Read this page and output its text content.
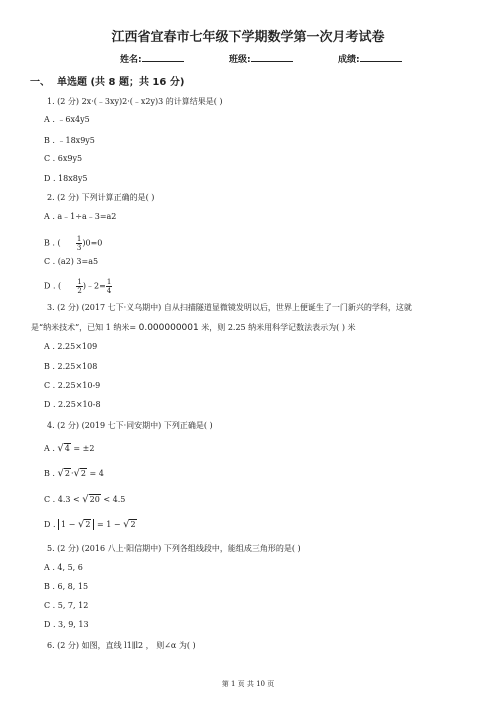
江西省宜春市七年级下学期数学第一次月考试卷
姓名:	班级:	成绩:
一、 单选题 (共 8 题；共 16 分)
1. (2 分) 2x·(﹣3xy)2·(﹣x2y)3 的计算结果是( )
A . ﹣6x4y5
B . ﹣18x9y5
C . 6x9y5
D . 18x8y5
2. (2 分) 下列计算正确的是( )
A . a﹣1÷a﹣3=a2
B . ( $\frac{1}{3} )0=0$
C . (a2) 3=a5
D . ( $\frac{1}{2}$ )﹣2= $\frac{1}{4}$
3. (2 分) (2017 七下·义乌期中) 自从扫描隧道显微镜发明以后，世界上便诞生了一门新兴的学科，这就
是“纳米技术”，已知 1 纳米= 0.000000001 米，则 2.25 纳米用科学记数法表示为( ) 米
A . 2.25×109
B . 2.25×108
C . 2.25×10-9
D . 2.25×10-8
4. (2 分) (2019 七下·同安期中) 下列正确是( )
A . √4 = ±2
B . √2·√2 = 4
C . 4.3 < √20 < 4.5
D . 1 − √2 = 1 − √2
5. (2 分) (2016 八上·阳信期中) 下列各组线段中，能组成三角形的是( )
A . 4, 5, 6
B . 6, 8, 15
C . 5, 7, 12
D . 3, 9, 13
6. (2 分) 如图，直线 l1∥l2 ， 则∠α 为( )
第 1 页 共 10 页
